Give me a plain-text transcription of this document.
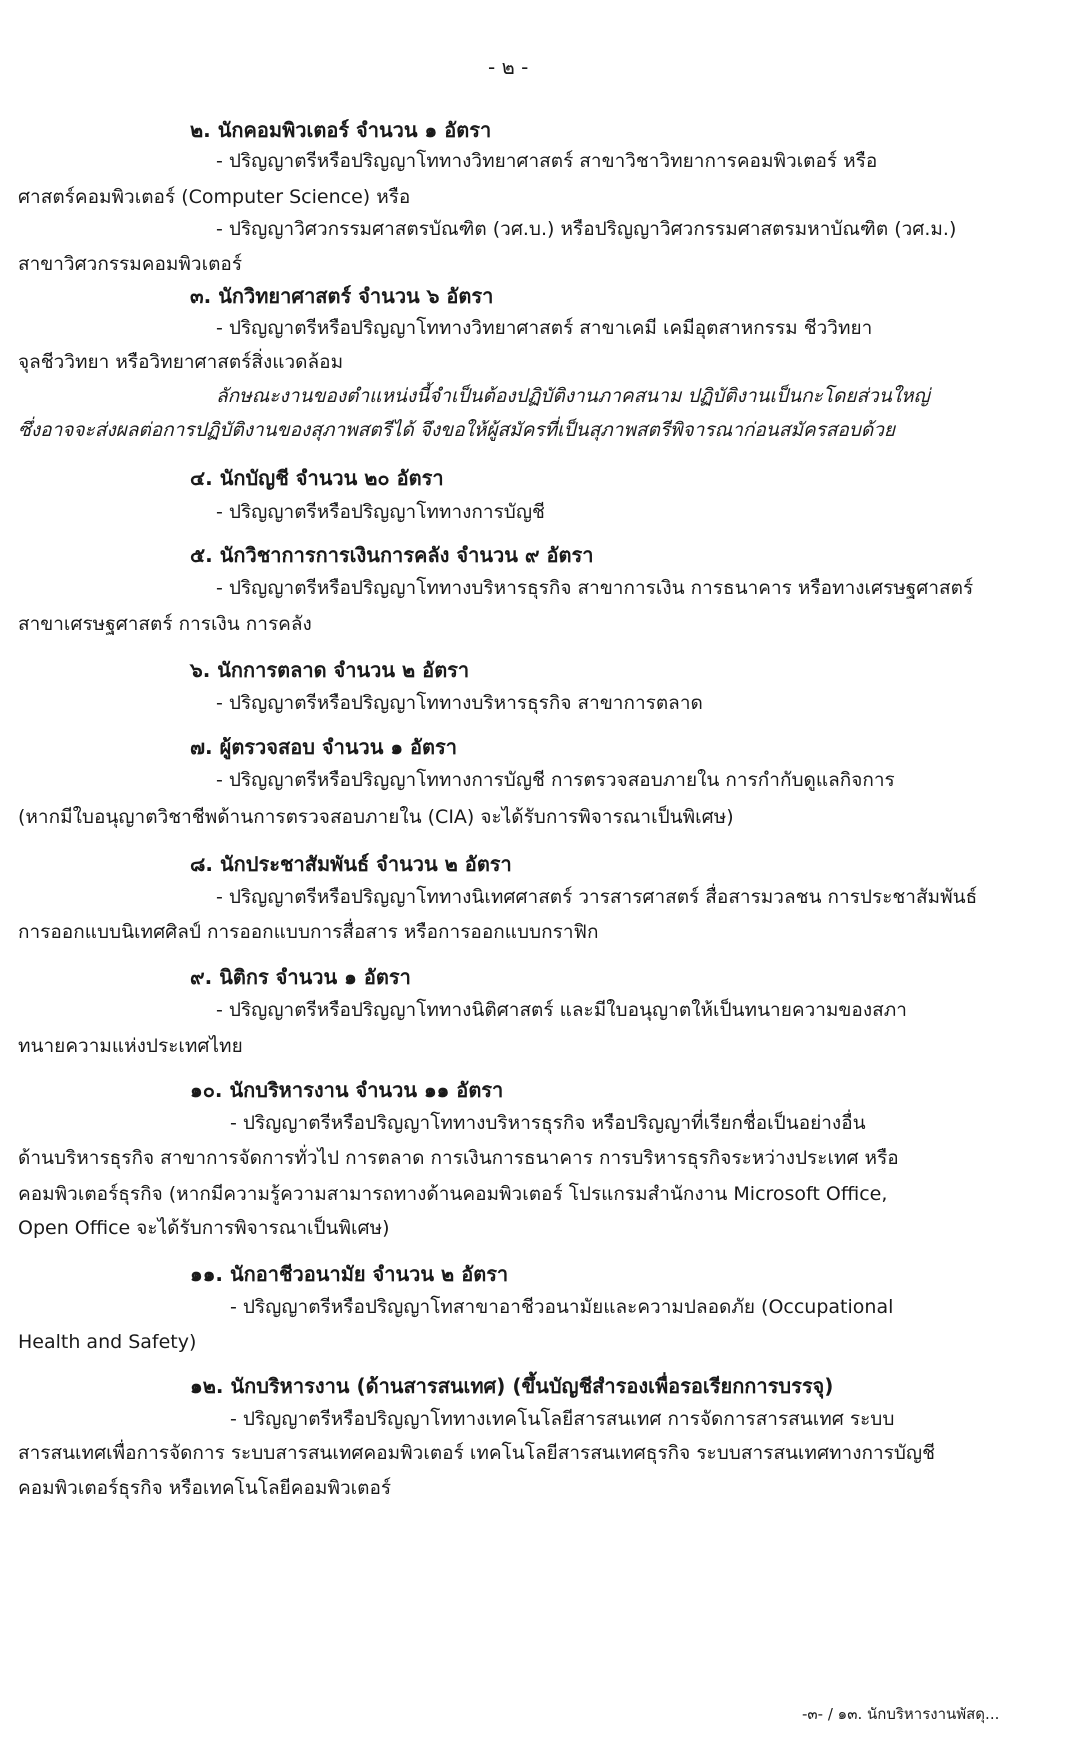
- ๒ -
๒. นักคอมพิวเตอร์ จำนวน ๑ อัตรา
- ปริญญาตรีหรือปริญญาโททางวิทยาศาสตร์ สาขาวิชาวิทยาการคอมพิวเตอร์ หรือ
ศาสตร์คอมพิวเตอร์ (Computer Science) หรือ
- ปริญญาวิศวกรรมศาสตรบัณฑิต (วศ.บ.) หรือปริญญาวิศวกรรมศาสตรมหาบัณฑิต (วศ.ม.)
สาขาวิศวกรรมคอมพิวเตอร์
๓. นักวิทยาศาสตร์ จำนวน ๖ อัตรา
- ปริญญาตรีหรือปริญญาโททางวิทยาศาสตร์ สาขาเคมี เคมีอุตสาหกรรม ชีววิทยา
จุลชีววิทยา หรือวิทยาศาสตร์สิ่งแวดล้อม
ลักษณะงานของตำแหน่งนี้จำเป็นต้องปฏิบัติงานภาคสนาม ปฏิบัติงานเป็นกะโดยส่วนใหญ่
ซึ่งอาจจะส่งผลต่อการปฏิบัติงานของสุภาพสตรีได้ จึงขอให้ผู้สมัครที่เป็นสุภาพสตรีพิจารณาก่อนสมัครสอบด้วย
๔. นักบัญชี จำนวน ๒๐ อัตรา
- ปริญญาตรีหรือปริญญาโททางการบัญชี
๕. นักวิชาการการเงินการคลัง จำนวน ๙ อัตรา
- ปริญญาตรีหรือปริญญาโททางบริหารธุรกิจ สาขาการเงิน การธนาคาร หรือทางเศรษฐศาสตร์
สาขาเศรษฐศาสตร์ การเงิน การคลัง
๖. นักการตลาด จำนวน ๒ อัตรา
- ปริญญาตรีหรือปริญญาโททางบริหารธุรกิจ สาขาการตลาด
๗. ผู้ตรวจสอบ จำนวน ๑ อัตรา
- ปริญญาตรีหรือปริญญาโททางการบัญชี การตรวจสอบภายใน การกำกับดูแลกิจการ
(หากมีใบอนุญาตวิชาชีพด้านการตรวจสอบภายใน (CIA) จะได้รับการพิจารณาเป็นพิเศษ)
๘. นักประชาสัมพันธ์ จำนวน ๒ อัตรา
- ปริญญาตรีหรือปริญญาโททางนิเทศศาสตร์ วารสารศาสตร์ สื่อสารมวลชน การประชาสัมพันธ์
การออกแบบนิเทศศิลป์ การออกแบบการสื่อสาร หรือการออกแบบกราฟิก
๙. นิติกร จำนวน ๑ อัตรา
- ปริญญาตรีหรือปริญญาโททางนิติศาสตร์ และมีใบอนุญาตให้เป็นทนายความของสภา
ทนายความแห่งประเทศไทย
๑๐. นักบริหารงาน จำนวน ๑๑ อัตรา
- ปริญญาตรีหรือปริญญาโททางบริหารธุรกิจ หรือปริญญาที่เรียกชื่อเป็นอย่างอื่น
ด้านบริหารธุรกิจ สาขาการจัดการทั่วไป การตลาด การเงินการธนาคาร การบริหารธุรกิจระหว่างประเทศ หรือ
คอมพิวเตอร์ธุรกิจ (หากมีความรู้ความสามารถทางด้านคอมพิวเตอร์ โปรแกรมสำนักงาน Microsoft Office,
Open Office จะได้รับการพิจารณาเป็นพิเศษ)
๑๑. นักอาชีวอนามัย จำนวน ๒ อัตรา
- ปริญญาตรีหรือปริญญาโทสาขาอาชีวอนามัยและความปลอดภัย (Occupational
Health and Safety)
๑๒. นักบริหารงาน (ด้านสารสนเทศ) (ขึ้นบัญชีสำรองเพื่อรอเรียกการบรรจุ)
- ปริญญาตรีหรือปริญญาโททางเทคโนโลยีสารสนเทศ การจัดการสารสนเทศ ระบบ
สารสนเทศเพื่อการจัดการ ระบบสารสนเทศคอมพิวเตอร์ เทคโนโลยีสารสนเทศธุรกิจ ระบบสารสนเทศทางการบัญชี
คอมพิวเตอร์ธุรกิจ หรือเทคโนโลยีคอมพิวเตอร์
-๓- / ๑๓. นักบริหารงานพัสดุ...
